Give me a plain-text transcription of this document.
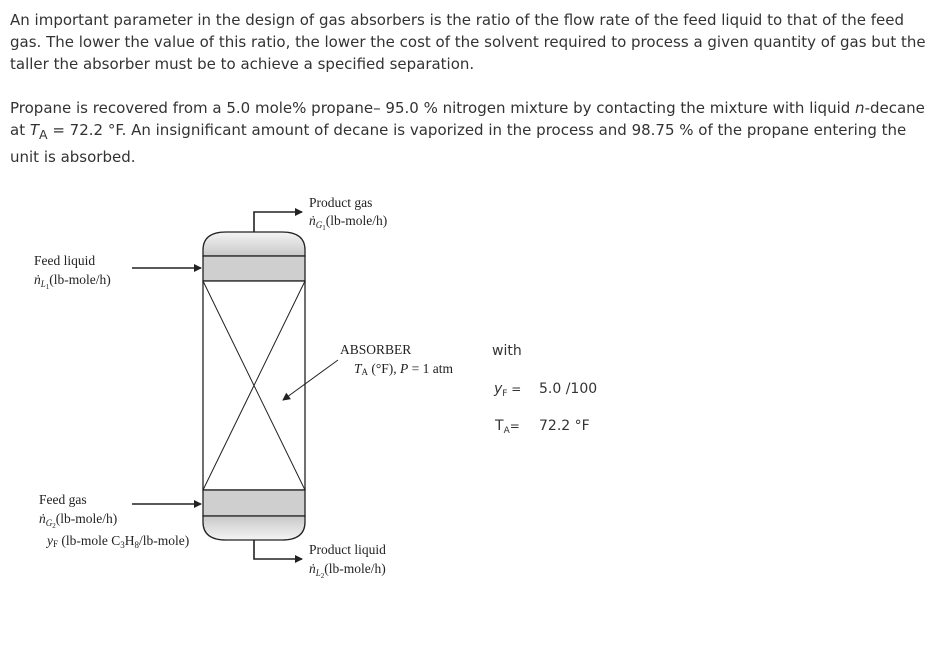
An important parameter in the design of gas absorbers is the ratio of the flow rate of the feed liquid to that of the feed gas. The lower the value of this ratio, the lower the cost of the solvent required to process a given quantity of gas but the taller the absorber must be to achieve a specified separation.
Propane is recovered from a 5.0 mole% propane– 95.0 % nitrogen mixture by contacting the mixture with liquid n-decane at $T_A = 72.2$ °F. An insignificant amount of decane is vaporized in the process and 98.75 % of the propane entering the unit is absorbed.
Product gas
$ṅ_G1(lb-mole/h)$
Feed liquid
$ṅ_L1(lb-mole/h)$
ABSORBER
TA (°F), P = 1 atm
Feed gas
$ṅ_G2(lb-mole/h)$
yF (lb-mole $C_3H_8/lb-mole$)
Product liquid
$ṅ_L2(lb-mole/h)$
with
$y_F = 5.0$ /100
$T_A= 72.2$ °F
